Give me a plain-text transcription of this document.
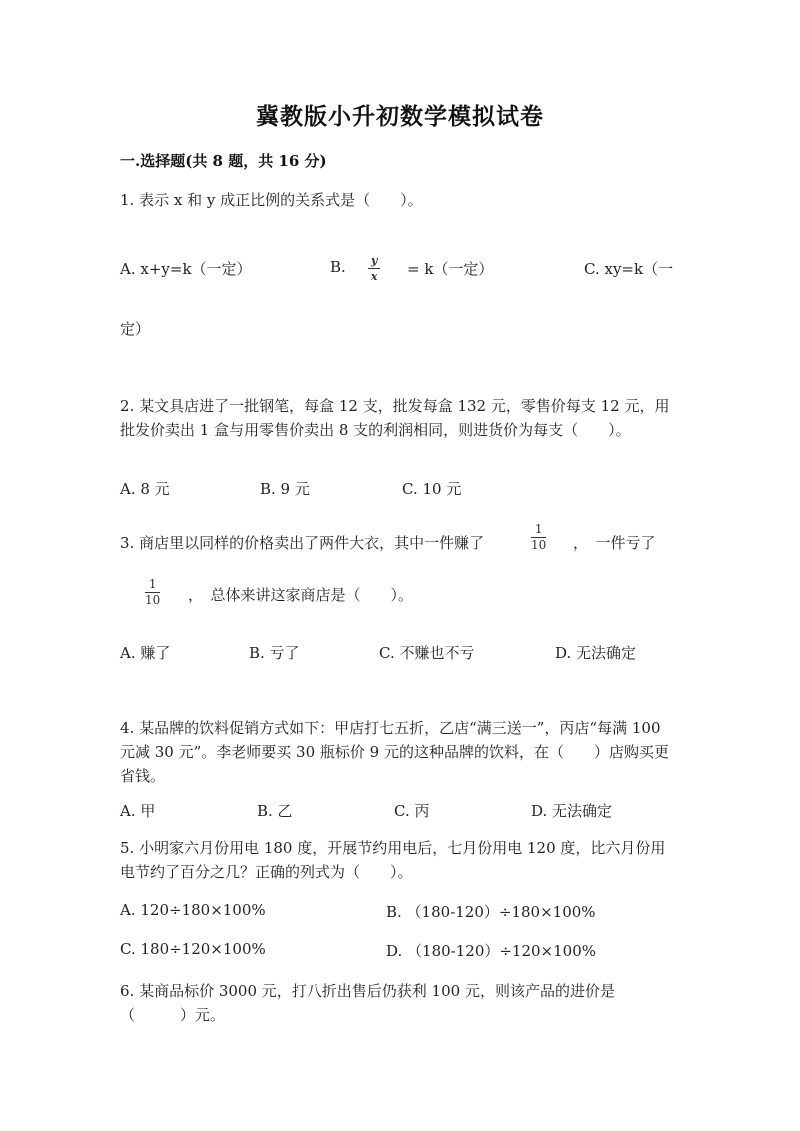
冀教版小升初数学模拟试卷
一.选择题(共 8 题，共 16 分)
1. 表示 x 和 y 成正比例的关系式是（　　）。
A. x+y=k（一定）	B. y
x = k（一定）	C. xy=k（一
定）
2. 某文具店进了一批钢笔，每盒 12 支，批发每盒 132 元，零售价每支 12 元，用批发价卖出 1 盒与用零售价卖出 8 支的利润相同，则进货价为每支（　　）。
A. 8 元	B. 9 元	C. 10 元
3. 商店里以同样的价格卖出了两件大衣，其中一件赚了
1
10 ，　一件亏了
1
10 ，　总体来讲这家商店是（　　）。
A. 赚了	B. 亏了	C. 不赚也不亏	D. 无法确定
4. 某品牌的饮料促销方式如下：甲店打七五折，乙店“满三送一”，丙店“每满 100 元减 30 元”。李老师要买 30 瓶标价 9 元的这种品牌的饮料，在（　　）店购买更省钱。
A. 甲	B. 乙	C. 丙	D. 无法确定
5. 小明家六月份用电 180 度，开展节约用电后，七月份用电 120 度，比六月份用电节约了百分之几？正确的列式为（　　）。
A. 120÷180×100%	B. （180-120）÷180×100%
C. 180÷120×100%	D. （180-120）÷120×100%
6. 某商品标价 3000 元，打八折出售后仍获利 100 元，则该产品的进价是（　　　）元。
